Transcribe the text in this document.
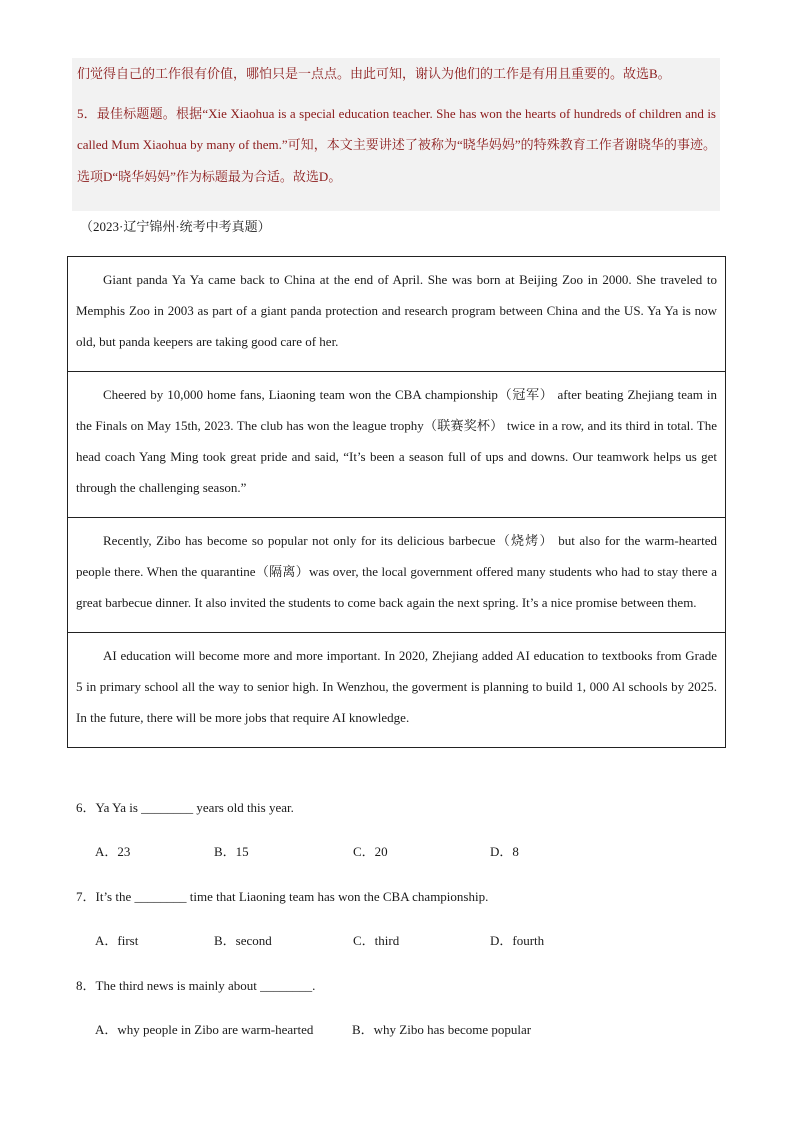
们觉得自己的工作很有价值，哪怕只是一点点。由此可知，谢认为他们的工作是有用且重要的。故选B。

5．最佳标题题。根据“Xie Xiaohua is a special education teacher. She has won the hearts of hundreds of children and is called Mum Xiaohua by many of them.”可知，本文主要讲述了被称为“晓华妈妈”的特殊教育工作者谢晓华的事迹。选项D“晓华妈妈”作为标题最为合适。故选D。

（2023·辽宁锦州·统考中考真题）
Giant panda Ya Ya came back to China at the end of April. She was born at Beijing Zoo in 2000. She traveled to Memphis Zoo in 2003 as part of a giant panda protection and research program between China and the US. Ya Ya is now old, but panda keepers are taking good care of her.
Cheered by 10,000 home fans, Liaoning team won the CBA championship（冠军） after beating Zhejiang team in the Finals on May 15th, 2023. The club has won the league trophy（联赛奖杯） twice in a row, and its third in total. The head coach Yang Ming took great pride and said, “It’s been a season full of ups and downs. Our teamwork helps us get through the challenging season.”
Recently, Zibo has become so popular not only for its delicious barbecue（烧烤） but also for the warm-hearted people there. When the quarantine（隔离）was over, the local government offered many students who had to stay there a great barbecue dinner. It also invited the students to come back again the next spring. It’s a nice promise between them.
AI education will become more and more important. In 2020, Zhejiang added AI education to textbooks from Grade 5 in primary school all the way to senior high. In Wenzhou, the goverment is planning to build 1, 000 Al schools by 2025. In the future, there will be more jobs that require AI knowledge.
6．Ya Ya is ________ years old this year.
A．23	B．15	C．20	D．8
7．It’s the ________ time that Liaoning team has won the CBA championship.
A．first	B．second	C．third	D．fourth
8．The third news is mainly about ________.
A．why people in Zibo are warm-hearted	B．why Zibo has become popular
